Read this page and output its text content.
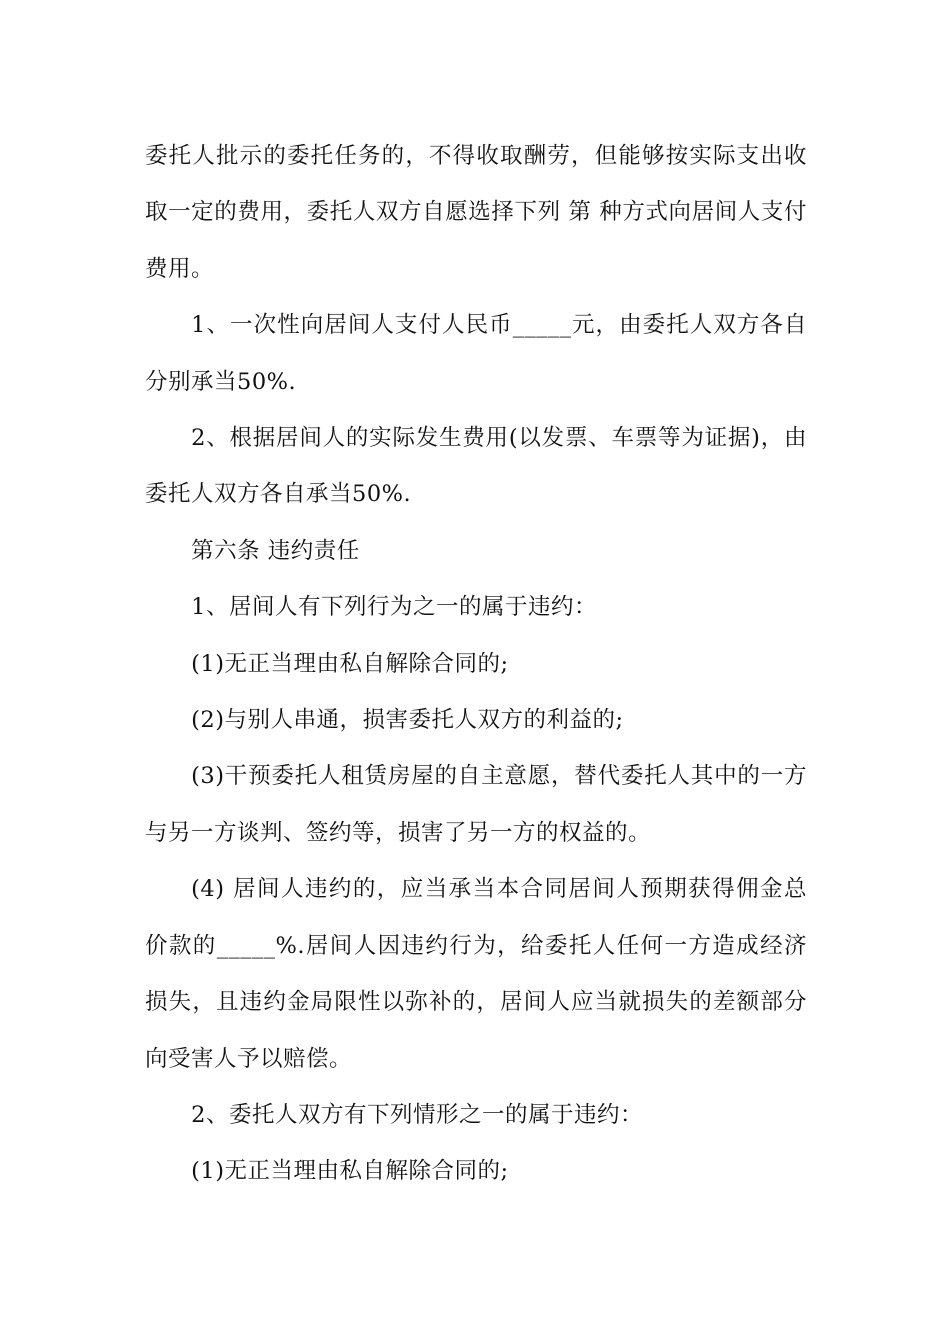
委托人批示的委托任务的，不得收取酬劳，但能够按实际支出收取一定的费用，委托人双方自愿选择下列 第 种方式向居间人支付费用。

1、一次性向居间人支付人民币_____元，由委托人双方各自分别承当50%.

2、根据居间人的实际发生费用(以发票、车票等为证据)，由委托人双方各自承当50%.

第六条 违约责任

1、居间人有下列行为之一的属于违约：

(1)无正当理由私自解除合同的;

(2)与别人串通，损害委托人双方的利益的;

(3)干预委托人租赁房屋的自主意愿，替代委托人其中的一方与另一方谈判、签约等，损害了另一方的权益的。

(4) 居间人违约的，应当承当本合同居间人预期获得佣金总价款的_____%.居间人因违约行为，给委托人任何一方造成经济损失，且违约金局限性以弥补的，居间人应当就损失的差额部分向受害人予以赔偿。

2、委托人双方有下列情形之一的属于违约：

(1)无正当理由私自解除合同的;
